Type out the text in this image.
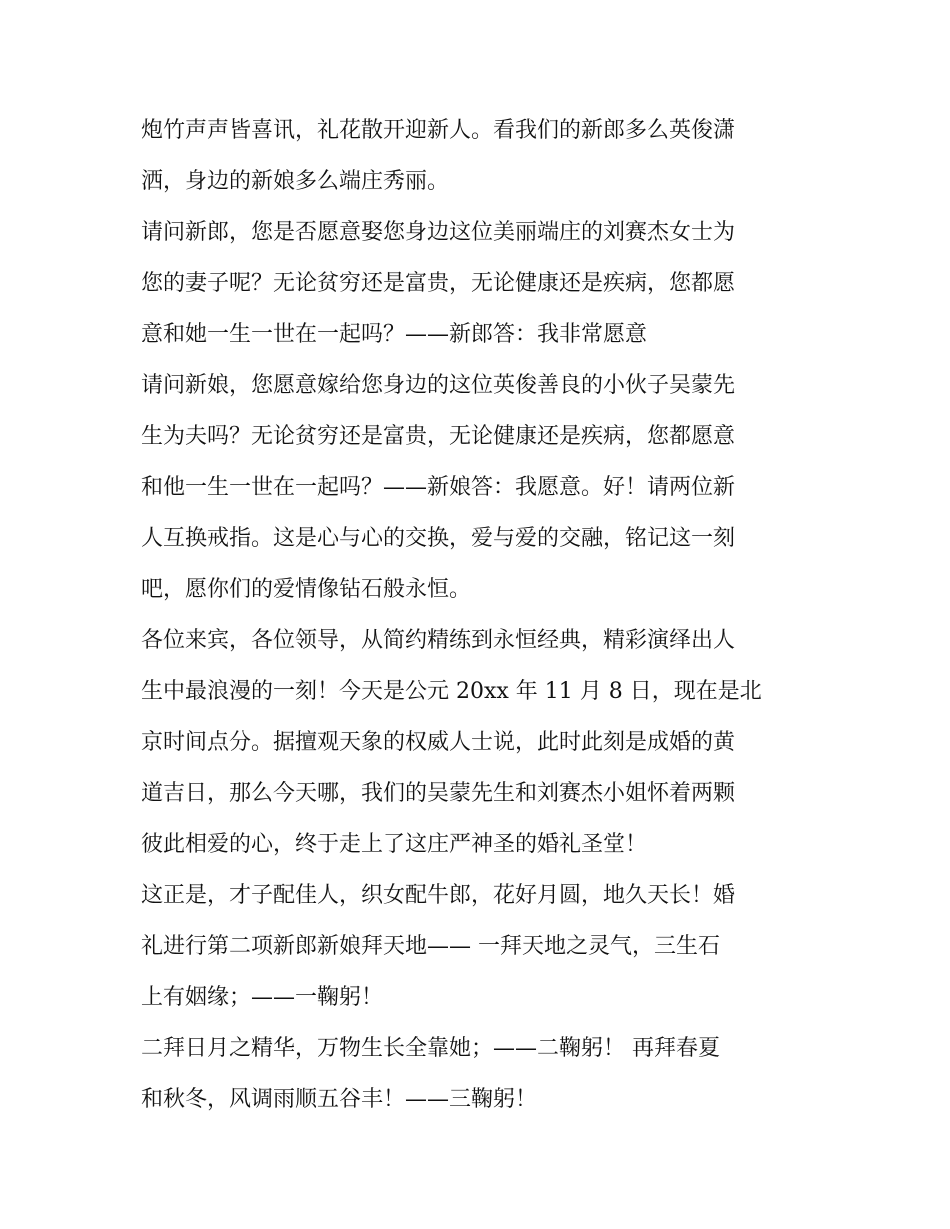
炮竹声声皆喜讯，礼花散开迎新人。看我们的新郎多么英俊潇
洒，身边的新娘多么端庄秀丽。
请问新郎，您是否愿意娶您身边这位美丽端庄的刘赛杰女士为
您的妻子呢？无论贫穷还是富贵，无论健康还是疾病，您都愿
意和她一生一世在一起吗？——新郎答：我非常愿意
请问新娘，您愿意嫁给您身边的这位英俊善良的小伙子吴蒙先
生为夫吗？无论贫穷还是富贵，无论健康还是疾病，您都愿意
和他一生一世在一起吗？——新娘答：我愿意。好！请两位新
人互换戒指。这是心与心的交换，爱与爱的交融，铭记这一刻
吧，愿你们的爱情像钻石般永恒。
各位来宾，各位领导，从简约精练到永恒经典，精彩演绎出人
生中最浪漫的一刻！今天是公元 20xx 年 11 月 8 日，现在是北
京时间点分。据擅观天象的权威人士说，此时此刻是成婚的黄
道吉日，那么今天哪，我们的吴蒙先生和刘赛杰小姐怀着两颗
彼此相爱的心，终于走上了这庄严神圣的婚礼圣堂！
这正是，才子配佳人，织女配牛郎，花好月圆，地久天长！婚
礼进行第二项新郎新娘拜天地—— 一拜天地之灵气，三生石
上有姻缘；——一鞠躬！
二拜日月之精华，万物生长全靠她；——二鞠躬！ 再拜春夏
和秋冬，风调雨顺五谷丰！——三鞠躬！
